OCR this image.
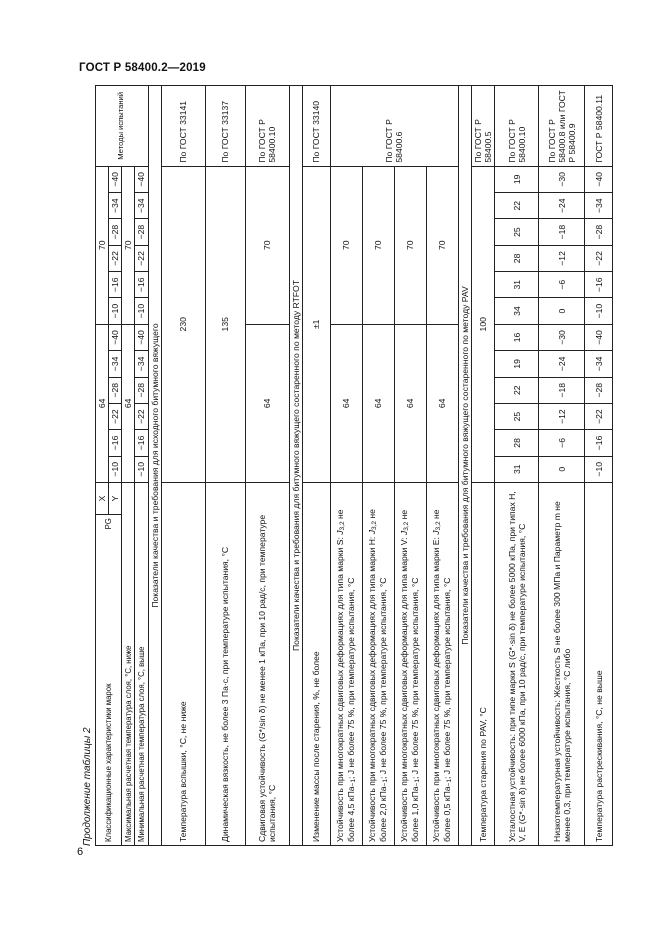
ГОСТ Р 58400.2—2019
Продолжение таблицы 2
PG
Классификационные характеристики марок	X	64						70						Методы испытаний
	Y	−10	−16	−22	−28	−34	−40	−10	−16	−22	−28	−34	−40	
Максимальная расчетная температура слоя, °С, ниже		64						70						
Минимальная расчетная температура слоя, °С, выше		−10	−16	−22	−28	−34	−40	−10	−16	−22	−28	−34	−40	
Показатели качества и требования для исходного битумного вяжущего														
Температура вспышки, °С, не ниже		230												По ГОСТ 33141
Динамическая вязкость, не более 3 Па·с, при температуре испытания, °С		135												По ГОСТ 33137
Сдвиговая устойчивость (G*/sin δ) не менее 1 кПа, при 10 рад/с, при температуре испытания, °С		64						70						По ГОСТ Р 58400.10
Показатели качества и требования для битумного вяжущего состаренного по методу RTFOT														
Изменение массы после старения, %, не более		±1												По ГОСТ 33140
Устойчивость при многократных сдвиговых деформациях для типа марки S: $J_{3,2}$ не более 4,5 кПа$^{-1}$; J не более 75 %, при температуре испытания, °С		64						70						По ГОСТ Р 58400.6
Устойчивость при многократных сдвиговых деформациях для типа марки H: $J_{3,2}$ не более 2,0 кПа$^{-1}$; J не более 75 %, при температуре испытания, °С		64						70						
Устойчивость при многократных сдвиговых деформациях для типа марки V: $J_{3,2}$ не более 1,0 кПа$^{-1}$; J не более 75 %, при температуре испытания, °С		64						70						
Устойчивость при многократных сдвиговых деформациях для типа марки E: $J_{3,2}$ не более 0,5 кПа$^{-1}$; J не более 75 %, при температуре испытания, °С		64						70						
Показатели качества и требования для битумного вяжущего состаренного по методу PAV														
Температура старения по PAV, °С		100												По ГОСТ Р 58400.5
Усталостная устойчивость: при типе марки S (G*·sin δ) не более 5000 кПа, при типах H, V, E (G*·sin δ) не более 6000 кПа, при 10 рад/с, при температуре испытания, °С		31	28	25	22	19	16	34	31	28	25	22	19	По ГОСТ Р 58400.10
Низкотемпературная устойчивость: Жесткость S не более 300 МПа и Параметр m не менее 0,3, при температуре испытания, °С либо		0	−6	−12	−18	−24	−30	0	−6	−12	−18	−24	−30	По ГОСТ Р 58400.8 или ГОСТ Р 58400.9
Температура растрескивания, °С, не выше		−10	−16	−22	−28	−34	−40	−10	−16	−22	−28	−34	−40	ГОСТ Р 58400.11
6
